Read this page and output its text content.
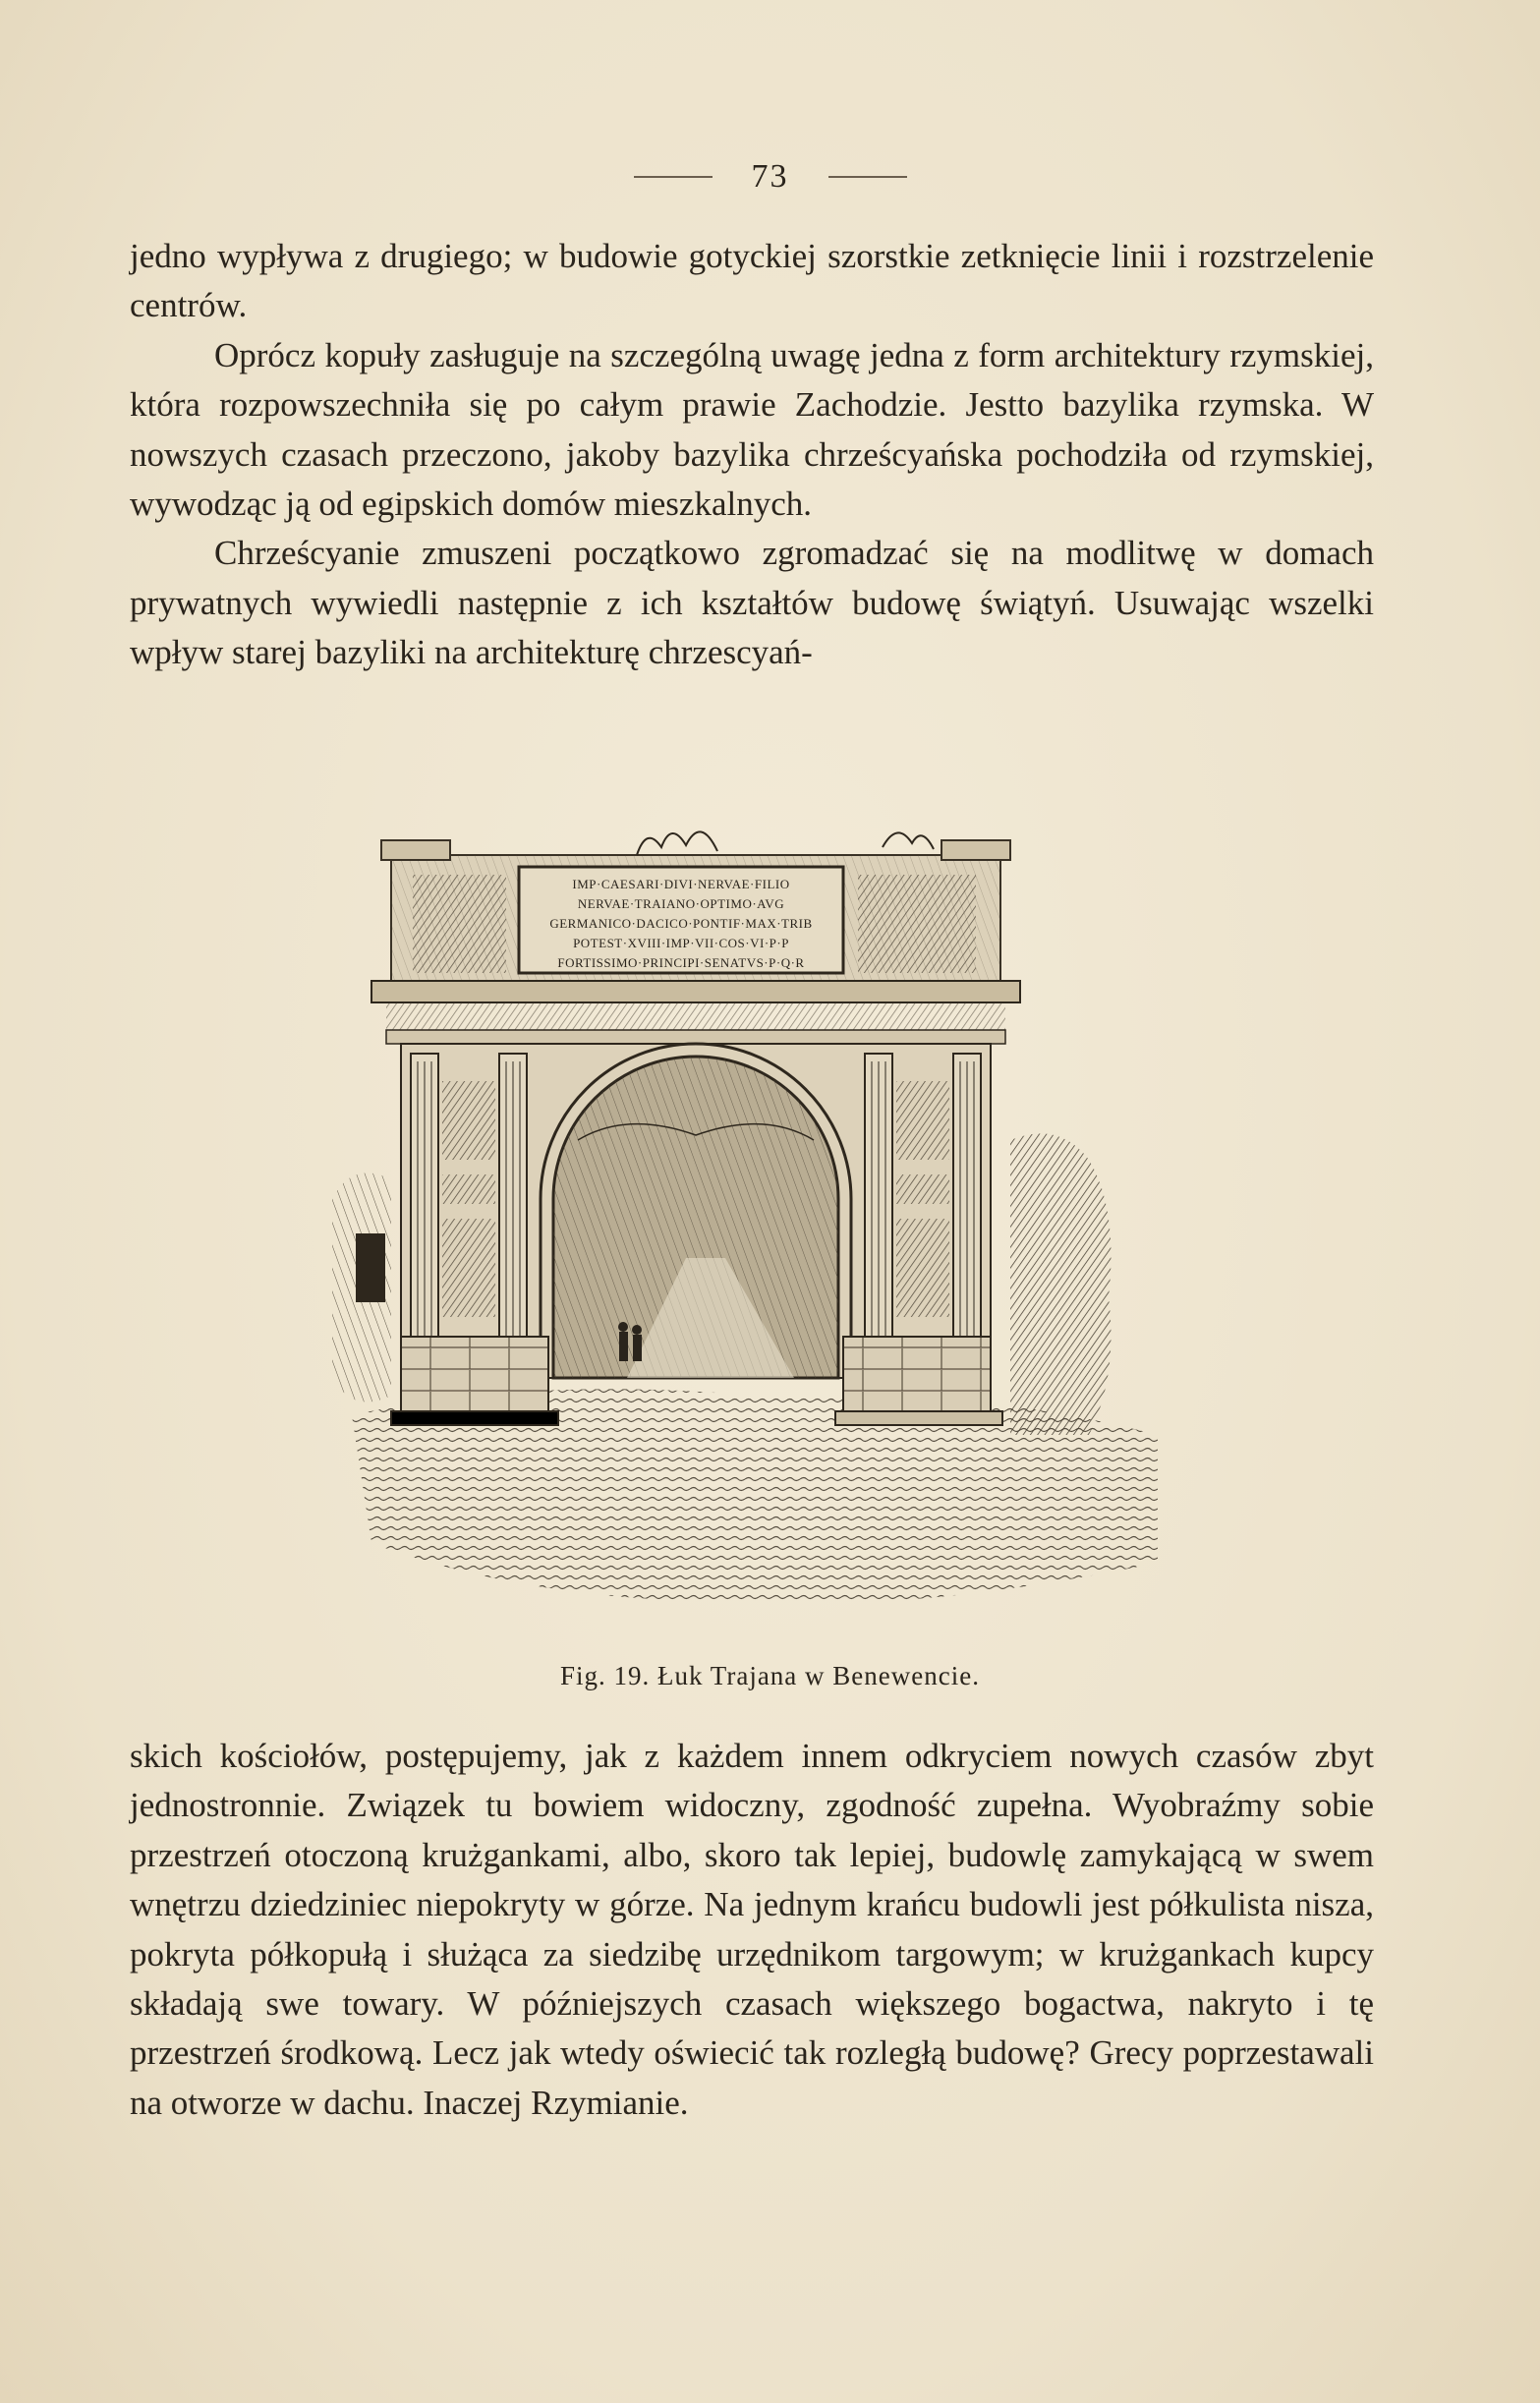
73

jedno wypływa z drugiego; w budowie gotyckiej szorstkie zetknięcie linii i rozstrzelenie centrów.

Oprócz kopuły zasługuje na szczególną uwagę jedna z form architektury rzymskiej, która rozpowszechniła się po całym prawie Zachodzie. Jestto bazylika rzymska. W nowszych czasach przeczono, jakoby bazylika chrześcyańska pochodziła od rzymskiej, wywodząc ją od egipskich domów mieszkalnych.

Chrześcyanie zmuszeni początkowo zgromadzać się na modlitwę w domach prywatnych wywiedli następnie z ich kształtów budowę świątyń. Usuwając wszelki wpływ starej bazyliki na architekturę chrzescyań-

IMP·CAESARI·DIVI·NERVAE·FILIO
NERVAE·TRAIANO·OPTIMO·AVG
GERMANICO·DACICO·PONTIF·MAX·TRIB
POTEST·XVIII·IMP·VII·COS·VI·P·P
FORTISSIMO·PRINCIPI·SENATVS·P·Q·R
Fig. 19. Łuk Trajana w Benewencie.

skich kościołów, postępujemy, jak z każdem innem odkryciem nowych czasów zbyt jednostronnie. Związek tu bowiem widoczny, zgodność zupełna. Wyobraźmy sobie przestrzeń otoczoną krużgankami, albo, skoro tak lepiej, budowlę zamykającą w swem wnętrzu dziedziniec niepokryty w górze. Na jednym krańcu budowli jest półkulista nisza, pokryta półkopułą i służąca za siedzibę urzędnikom targowym; w krużgankach kupcy składają swe towary. W późniejszych czasach większego bogactwa, nakryto i tę przestrzeń środkową. Lecz jak wtedy oświecić tak rozległą budowę? Grecy poprzestawali na otworze w dachu. Inaczej Rzymianie.
